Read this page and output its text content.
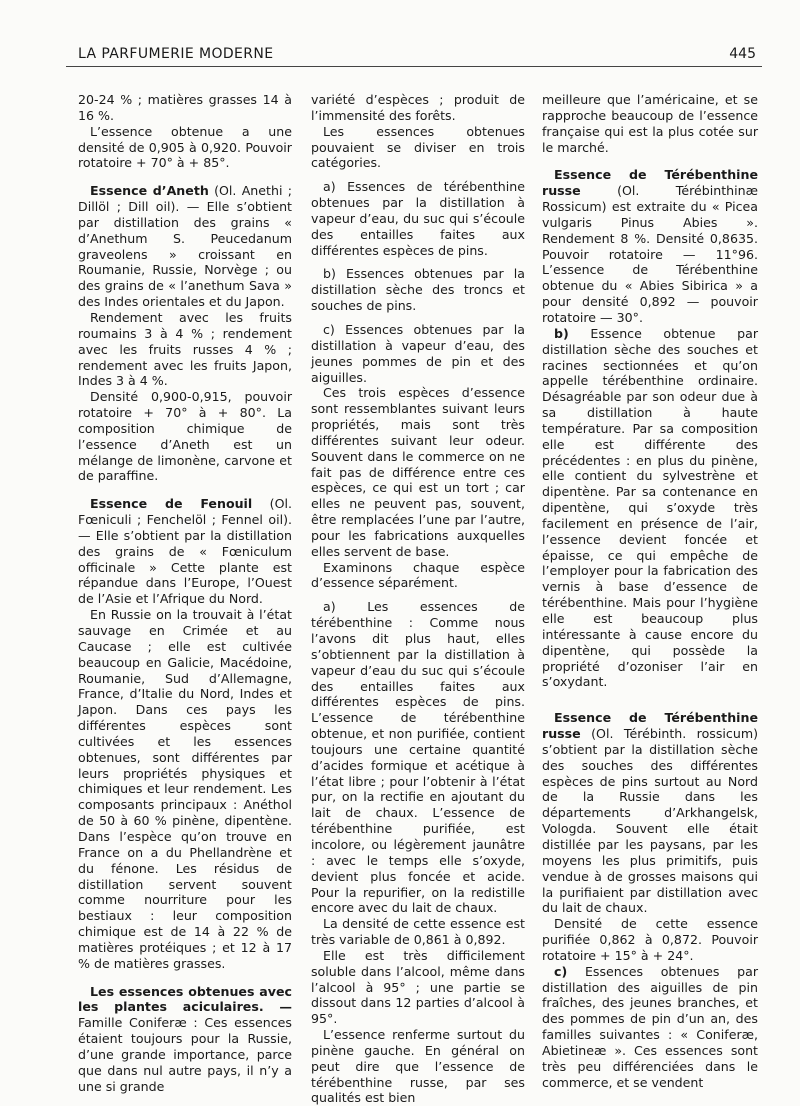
LA PARFUMERIE MODERNE	445

20-24 % ; matières grasses 14 à 16 %.

L’essence obtenue a une densité de 0,905 à 0,920. Pouvoir rotatoire + 70° à + 85°.

Essence d’Aneth (Ol. Anethi ; Dillöl ; Dill oil). — Elle s’obtient par distillation des grains « d’Anethum S. Peucedanum graveolens » croissant en Roumanie, Russie, Norvège ; ou des grains de « l’anethum Sava » des Indes orientales et du Japon.

Rendement avec les fruits roumains 3 à 4 % ; rendement avec les fruits russes 4 % ; rendement avec les fruits Japon, Indes 3 à 4 %.

Densité 0,900-0,915, pouvoir rotatoire + 70° à + 80°. La composition chimique de l’essence d’Aneth est un mélange de limonène, carvone et de paraffine.

Essence de Fenouil (Ol. Fœniculi ; Fenchelöl ; Fennel oil). — Elle s’obtient par la distillation des grains de « Fœniculum officinale » Cette plante est répandue dans l’Europe, l’Ouest de l’Asie et l’Afrique du Nord.

En Russie on la trouvait à l’état sauvage en Crimée et au Caucase ; elle est cultivée beaucoup en Galicie, Macédoine, Roumanie, Sud d’Allemagne, France, d’Italie du Nord, Indes et Japon. Dans ces pays les différentes espèces sont cultivées et les essences obtenues, sont différentes par leurs propriétés physiques et chimiques et leur rendement. Les composants principaux : Anéthol de 50 à 60 % pinène, dipentène. Dans l’espèce qu’on trouve en France on a du Phellandrène et du fénone. Les résidus de distillation servent souvent comme nourriture pour les bestiaux : leur composition chimique est de 14 à 22 % de matières protéiques ; et 12 à 17 % de matières grasses.

Les essences obtenues avec les plantes aciculaires. — Famille Coniferæ : Ces essences étaient toujours pour la Russie, d’une grande importance, parce que dans nul autre pays, il n’y a une si grande

variété d’espèces ; produit de l’immensité des forêts.

Les essences obtenues pouvaient se diviser en trois catégories.

a) Essences de térébenthine obtenues par la distillation à vapeur d’eau, du suc qui s’écoule des entailles faites aux différentes espèces de pins.

b) Essences obtenues par la distillation sèche des troncs et souches de pins.

c) Essences obtenues par la distillation à vapeur d’eau, des jeunes pommes de pin et des aiguilles.

Ces trois espèces d’essence sont ressemblantes suivant leurs propriétés, mais sont très différentes suivant leur odeur. Souvent dans le commerce on ne fait pas de différence entre ces espèces, ce qui est un tort ; car elles ne peuvent pas, souvent, être remplacées l’une par l’autre, pour les fabrications auxquelles elles servent de base.

Examinons chaque espèce d’essence séparément.

a) Les essences de térébenthine : Comme nous l’avons dit plus haut, elles s’obtiennent par la distillation à vapeur d’eau du suc qui s’écoule des entailles faites aux différentes espèces de pins. L’essence de térébenthine obtenue, et non purifiée, contient toujours une certaine quantité d’acides formique et acétique à l’état libre ; pour l’obtenir à l’état pur, on la rectifie en ajoutant du lait de chaux. L’essence de térébenthine purifiée, est incolore, ou légèrement jaunâtre : avec le temps elle s’oxyde, devient plus foncée et acide. Pour la repurifier, on la redistille encore avec du lait de chaux.

La densité de cette essence est très variable de 0,861 à 0,892.

Elle est très difficilement soluble dans l’alcool, même dans l’alcool à 95° ; une partie se dissout dans 12 parties d’alcool à 95°.

L’essence renferme surtout du pinène gauche. En général on peut dire que l’essence de térébenthine russe, par ses qualités est bien

meilleure que l’américaine, et se rapproche beaucoup de l’essence française qui est la plus cotée sur le marché.

Essence de Térébenthine russe (Ol. Térébinthinæ Rossicum) est extraite du « Picea vulgaris Pinus Abies ». Rendement 8 %. Densité 0,8635. Pouvoir rotatoire — 11°96. L’essence de Térébenthine obtenue du « Abies Sibirica » a pour densité 0,892 — pouvoir rotatoire — 30°.

b) Essence obtenue par distillation sèche des souches et racines sectionnées et qu’on appelle térébenthine ordinaire. Désagréable par son odeur due à sa distillation à haute température. Par sa composition elle est différente des précédentes : en plus du pinène, elle contient du sylvestrène et dipentène. Par sa contenance en dipentène, qui s’oxyde très facilement en présence de l’air, l’essence devient foncée et épaisse, ce qui empêche de l’employer pour la fabrication des vernis à base d’essence de térébenthine. Mais pour l’hygiène elle est beaucoup plus intéressante à cause encore du dipentène, qui possède la propriété d’ozoniser l’air en s’oxydant.

Essence de Térébenthine russe (Ol. Térébinth. rossicum) s’obtient par la distillation sèche des souches des différentes espèces de pins surtout au Nord de la Russie dans les départements d’Arkhangelsk, Vologda. Souvent elle était distillée par les paysans, par les moyens les plus primitifs, puis vendue à de grosses maisons qui la purifiaient par distillation avec du lait de chaux.

Densité de cette essence purifiée 0,862 à 0,872. Pouvoir rotatoire + 15° à + 24°.

c) Essences obtenues par distillation des aiguilles de pin fraîches, des jeunes branches, et des pommes de pin d’un an, des familles suivantes : « Coniferæ, Abietineæ ». Ces essences sont très peu différenciées dans le commerce, et se vendent
